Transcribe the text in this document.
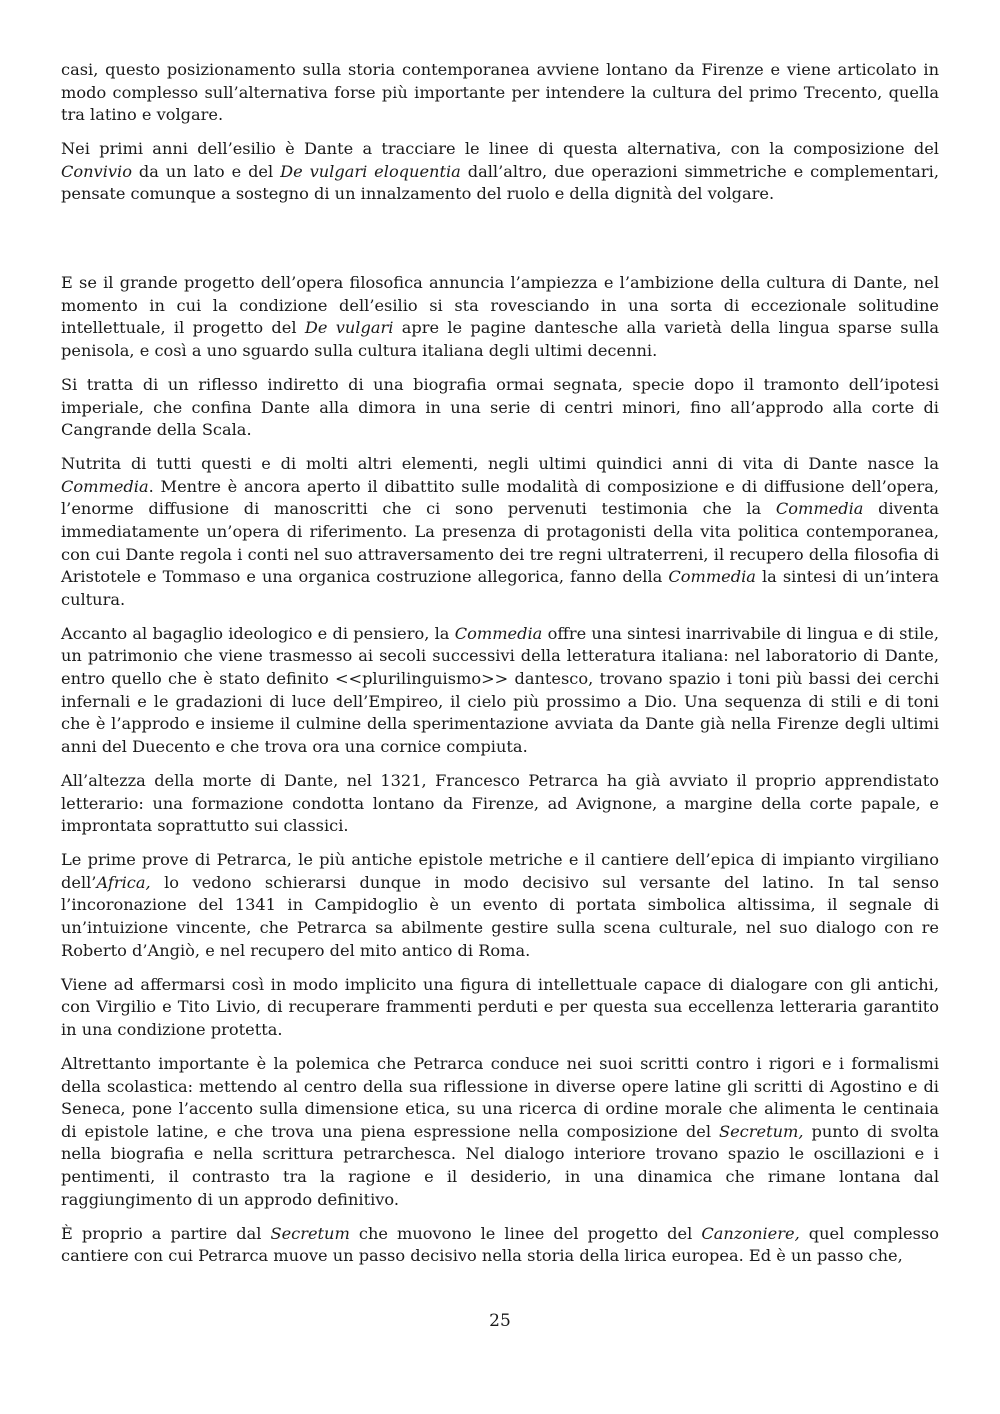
casi, questo posizionamento sulla storia contemporanea avviene lontano da Firenze e viene articolato in modo complesso sull’alternativa forse più importante per intendere la cultura del primo Trecento, quella tra latino e volgare.

Nei primi anni dell’esilio è Dante a tracciare le linee di questa alternativa, con la composizione del Convivio da un lato e del De vulgari eloquentia dall’altro, due operazioni simmetriche e complementari, pensate comunque a sostegno di un innalzamento del ruolo e della dignità del volgare.

E se il grande progetto dell’opera filosofica annuncia l’ampiezza e l’ambizione della cultura di Dante, nel momento in cui la condizione dell’esilio si sta rovesciando in una sorta di eccezionale solitudine intellettuale, il progetto del De vulgari apre le pagine dantesche alla varietà della lingua sparse sulla penisola, e così a uno sguardo sulla cultura italiana degli ultimi decenni.

Si tratta di un riflesso indiretto di una biografia ormai segnata, specie dopo il tramonto dell’ipotesi imperiale, che confina Dante alla dimora in una serie di centri minori, fino all’approdo alla corte di Cangrande della Scala.

Nutrita di tutti questi e di molti altri elementi, negli ultimi quindici anni di vita di Dante nasce la Commedia. Mentre è ancora aperto il dibattito sulle modalità di composizione e di diffusione dell’opera, l’enorme diffusione di manoscritti che ci sono pervenuti testimonia che la Commedia diventa immediatamente un’opera di riferimento. La presenza di protagonisti della vita politica contemporanea, con cui Dante regola i conti nel suo attraversamento dei tre regni ultraterreni, il recupero della filosofia di Aristotele e Tommaso e una organica costruzione allegorica, fanno della Commedia la sintesi di un’intera cultura.

Accanto al bagaglio ideologico e di pensiero, la Commedia offre una sintesi inarrivabile di lingua e di stile, un patrimonio che viene trasmesso ai secoli successivi della letteratura italiana: nel laboratorio di Dante, entro quello che è stato definito <<plurilinguismo>> dantesco, trovano spazio i toni più bassi dei cerchi infernali e le gradazioni di luce dell’Empireo, il cielo più prossimo a Dio. Una sequenza di stili e di toni che è l’approdo e insieme il culmine della sperimentazione avviata da Dante già nella Firenze degli ultimi anni del Duecento e che trova ora una cornice compiuta.

All’altezza della morte di Dante, nel 1321, Francesco Petrarca ha già avviato il proprio apprendistato letterario: una formazione condotta lontano da Firenze, ad Avignone, a margine della corte papale, e improntata soprattutto sui classici.

Le prime prove di Petrarca, le più antiche epistole metriche e il cantiere dell’epica di impianto virgiliano dell’Africa, lo vedono schierarsi dunque in modo decisivo sul versante del latino. In tal senso l’incoronazione del 1341 in Campidoglio è un evento di portata simbolica altissima, il segnale di un’intuizione vincente, che Petrarca sa abilmente gestire sulla scena culturale, nel suo dialogo con re Roberto d’Angiò, e nel recupero del mito antico di Roma.

Viene ad affermarsi così in modo implicito una figura di intellettuale capace di dialogare con gli antichi, con Virgilio e Tito Livio, di recuperare frammenti perduti e per questa sua eccellenza letteraria garantito in una condizione protetta.

Altrettanto importante è la polemica che Petrarca conduce nei suoi scritti contro i rigori e i formalismi della scolastica: mettendo al centro della sua riflessione in diverse opere latine gli scritti di Agostino e di Seneca, pone l’accento sulla dimensione etica, su una ricerca di ordine morale che alimenta le centinaia di epistole latine, e che trova una piena espressione nella composizione del Secretum, punto di svolta nella biografia e nella scrittura petrarchesca. Nel dialogo interiore trovano spazio le oscillazioni e i pentimenti, il contrasto tra la ragione e il desiderio, in una dinamica che rimane lontana dal raggiungimento di un approdo definitivo.

È proprio a partire dal Secretum che muovono le linee del progetto del Canzoniere, quel complesso cantiere con cui Petrarca muove un passo decisivo nella storia della lirica europea. Ed è un passo che,

25
